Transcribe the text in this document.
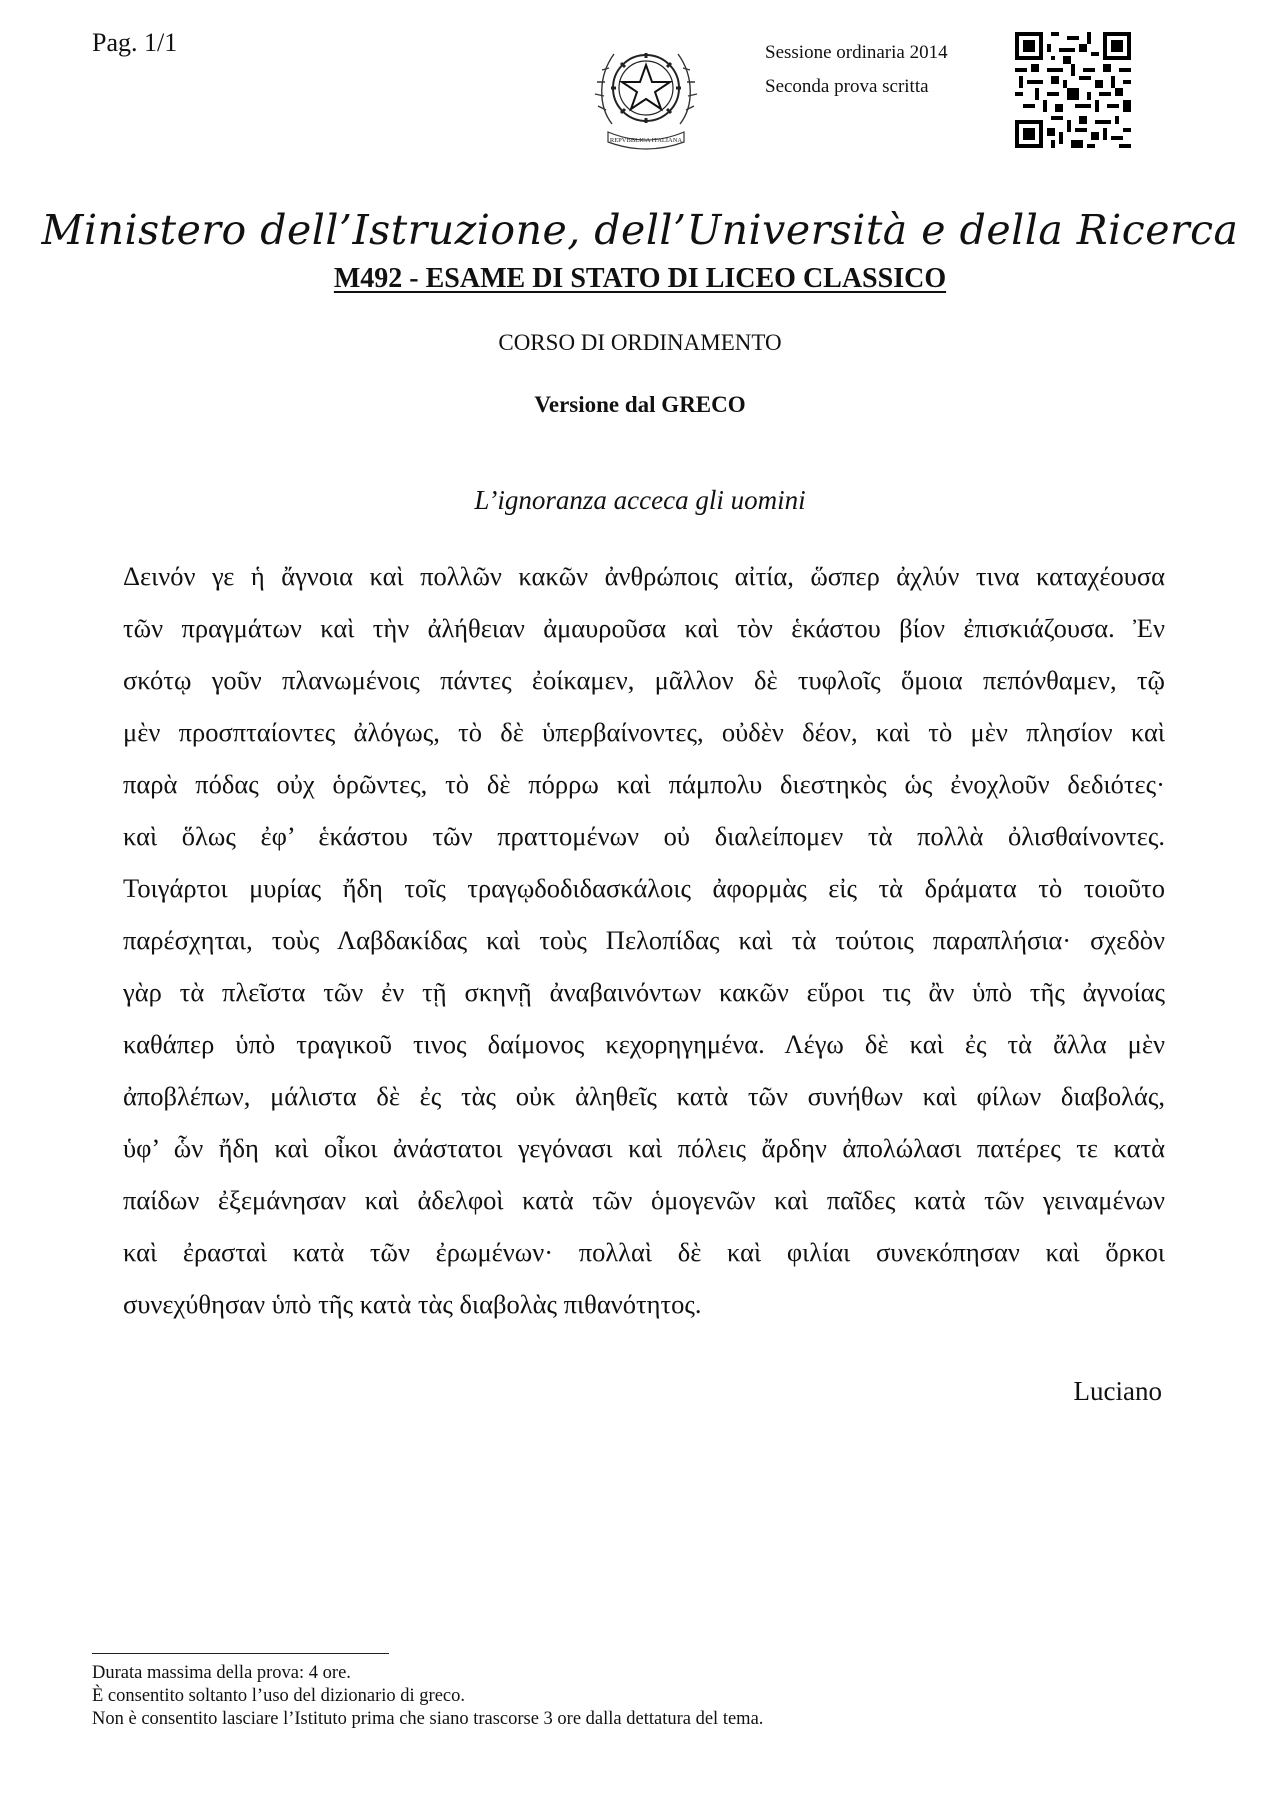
Pag. 1/1
REPVBBLICA ITALIANA
Sessione ordinaria 2014
Seconda prova scritta
Ministero dell’Istruzione, dell’Università e della Ricerca
M492 - ESAME DI STATO DI LICEO CLASSICO
CORSO DI ORDINAMENTO
Versione dal GRECO
L’ignoranza acceca gli uomini
Δεινόν γε ἡ ἄγνοια καὶ πολλῶν κακῶν ἀνθρώποις αἰτία, ὥσπερ ἀχλύν τινα καταχέουσα
τῶν πραγμάτων καὶ τὴν ἀλήθειαν ἀμαυροῦσα καὶ τὸν ἑκάστου βίον ἐπισκιάζουσα. Ἐν
σκότῳ γοῦν πλανωμένοις πάντες ἐοίκαμεν, μᾶλλον δὲ τυφλοῖς ὅμοια πεπόνθαμεν, τῷ
μὲν προσπταίοντες ἀλόγως, τὸ δὲ ὑπερβαίνοντες, οὐδὲν δέον, καὶ τὸ μὲν πλησίον καὶ
παρὰ πόδας οὐχ ὁρῶντες, τὸ δὲ πόρρω καὶ πάμπολυ διεστηκὸς ὡς ἐνοχλοῦν δεδιότες·
καὶ ὅλως ἐφ’ ἑκάστου τῶν πραττομένων οὐ διαλείπομεν τὰ πολλὰ ὀλισθαίνοντες.
Τοιγάρτοι μυρίας ἤδη τοῖς τραγῳδοδιδασκάλοις ἀφορμὰς εἰς τὰ δράματα τὸ τοιοῦτο
παρέσχηται, τοὺς Λαβδακίδας καὶ τοὺς Πελοπίδας καὶ τὰ τούτοις παραπλήσια· σχεδὸν
γὰρ τὰ πλεῖστα τῶν ἐν τῇ σκηνῇ ἀναβαινόντων κακῶν εὕροι τις ἂν ὑπὸ τῆς ἀγνοίας
καθάπερ ὑπὸ τραγικοῦ τινος δαίμονος κεχορηγημένα. Λέγω δὲ καὶ ἐς τὰ ἄλλα μὲν
ἀποβλέπων, μάλιστα δὲ ἐς τὰς οὐκ ἀληθεῖς κατὰ τῶν συνήθων καὶ φίλων διαβολάς,
ὑφ’ ὧν ἤδη καὶ οἶκοι ἀνάστατοι γεγόνασι καὶ πόλεις ἄρδην ἀπολώλασι πατέρες τε κατὰ
παίδων ἐξεμάνησαν καὶ ἀδελφοὶ κατὰ τῶν ὁμογενῶν καὶ παῖδες κατὰ τῶν γειναμένων
καὶ ἐρασταὶ κατὰ τῶν ἐρωμένων· πολλαὶ δὲ καὶ φιλίαι συνεκόπησαν καὶ ὅρκοι
συνεχύθησαν ὑπὸ τῆς κατὰ τὰς διαβολὰς πιθανότητος.
Luciano
Durata massima della prova: 4 ore.
È consentito soltanto l’uso del dizionario di greco.
Non è consentito lasciare l’Istituto prima che siano trascorse 3 ore dalla dettatura del tema.
